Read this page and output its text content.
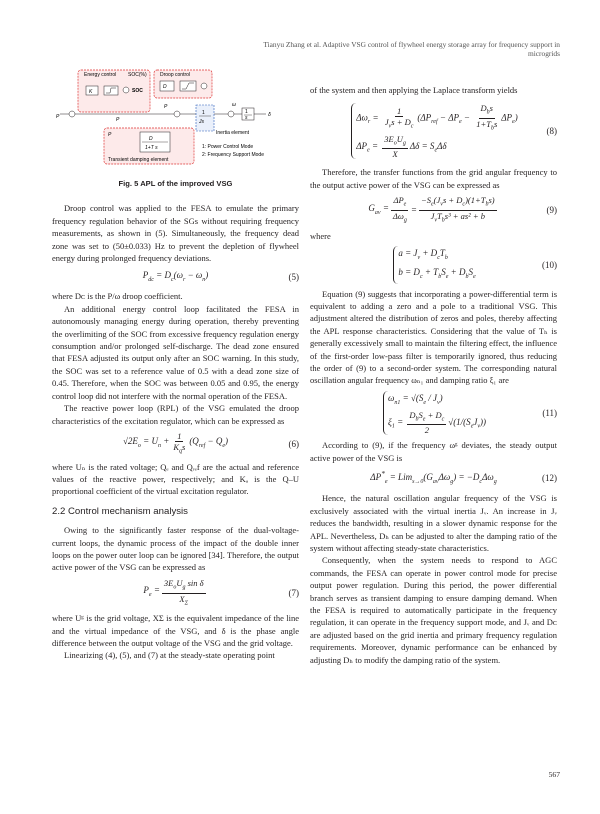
Tianyu Zhang et al. Adaptive VSG control of flywheel energy storage array for frequency support in microgrids
Energy control SOC(%)
K	SOC
Droop control
D
P	P
P
1
Js
ω
1
s	δ
Inertia element
P
D
1+T s
Transient damping element
1: Power Control Mode
2: Frequency Support Mode
Fig. 5 APL of the improved VSG

Droop control was applied to the FESA to emulate the primary frequency regulation behavior of the SGs without requiring frequency measurements, as shown in (5). Simultaneously, the frequency dead zone was set to (50±0.033) Hz to prevent the depletion of flywheel energy during prolonged frequency deviations.

$P_{dc} = D_c(\omega_r - \omega_n)$	(5)

where Dᴄ is the P/ω droop coefficient.

An additional energy control loop facilitated the FESA in autonomously managing energy during operation, thereby preventing the overlimiting of the SOC from excessive frequency regulation energy consumption and/or prolonged self-discharge. The dead zone ensured that FESA adjusted its output only after an SOC warning. In this study, the SOC was set to a reference value of 0.5 with a dead zone size of 0.45. Therefore, when the SOC was between 0.05 and 0.95, the energy control loop did not interfere with the normal operation of the FESA.

The reactive power loop (RPL) of the VSG emulated the droop characteristics of the excitation regulator, which can be expressed as

$√2E_o = U_n + \frac{1}{K_qs} (Q_{ref} - Q_e)$	(6)

where Uₙ is the rated voltage; Qₑ and Qᵣₑf are the actual and reference values of the reactive power, respectively; and Kₐ is the Q–U proportional coefficient of the virtual excitation regulator.

2.2 Control mechanism analysis

Owing to the significantly faster response of the dual-voltage-current loops, the dynamic process of the impact of the double inner loops on the power outer loop can be ignored [34]. Therefore, the output active power of the VSG can be expressed as

$P_e = \frac{3E_oU_g \sin \delta}{X_\Sigma}$	(7)

where Uᵍ is the grid voltage, XΣ is the equivalent impedance of the line and the virtual impedance of the VSG, and δ is the phase angle difference between the output voltage of the VSG and the grid voltage.

Linearizing (4), (5), and (7) at the steady-state operating point

of the system and then applying the Laplace transform yields

$\Delta\omega_r = \frac{1}{J_vs + D_c} (\Delta P_{ref} - \Delta P_e - \frac{D_bs}{1+T_bs} \Delta P_e)$
$\Delta P_e = \frac{3E_oU_g}{X}$ $\Delta\delta = S_e\Delta\delta$
(8)

Therefore, the transfer functions from the grid angular frequency to the output active power of the VSG can be expressed as

$G_{av} = \frac{\Delta P_e}{\Delta\omega_g} = \frac{-S_e(J_vs + D_c)(1+T_bs)}{J_vT_bs^3 + as^2 + b}$	(9)

where

$a = J_v + D_cT_b$
$b = D_c + T_bS_e + D_bS_e$
(10)

Equation (9) suggests that incorporating a power-differential term is equivalent to adding a zero and a pole to a traditional VSG. This adjustment altered the distribution of zeros and poles, thereby affecting the APL response characteristics. Considering that the value of Tₕ is generally excessively small to maintain the filtering effect, the influence of the first-order low-pass filter is temporarily ignored, thus reducing the order of (9) to a second-order system. The corresponding natural oscillation angular frequency ωₙ₁ and damping ratio ξ₁ are

$\omega_{n1} = √(S_e / J_v)$
$\xi_1 = \frac{D_bS_e + D_c}{2} √(1/(S_eJ_v))$
(11)

According to (9), if the frequency ωᵍ deviates, the steady output active power of the VSG is

$\Delta P^*_e = Lim_{s\to 0}(G_{av}\Delta\omega_g) = -D_c\Delta\omega_g$	(12)

Hence, the natural oscillation angular frequency of the VSG is exclusively associated with the virtual inertia Jᵥ. An increase in Jᵥ reduces the bandwidth, resulting in a slower dynamic response for the APL. Nevertheless, Dₕ can be adjusted to alter the damping ratio of the system without affecting steady-state characteristics.

Consequently, when the system needs to respond to AGC commands, the FESA can operate in power control mode for precise output power regulation. During this period, the power differential branch serves as transient damping to ensure damping demand. When the FESA is required to automatically participate in the frequency regulation, it can operate in the frequency support mode, and Jᵥ and Dᴄ are adjusted based on the grid inertia and primary frequency regulation requirements. Moreover, dynamic performance can be enhanced by adjusting Dₕ to modify the damping ratio of the system.

567
